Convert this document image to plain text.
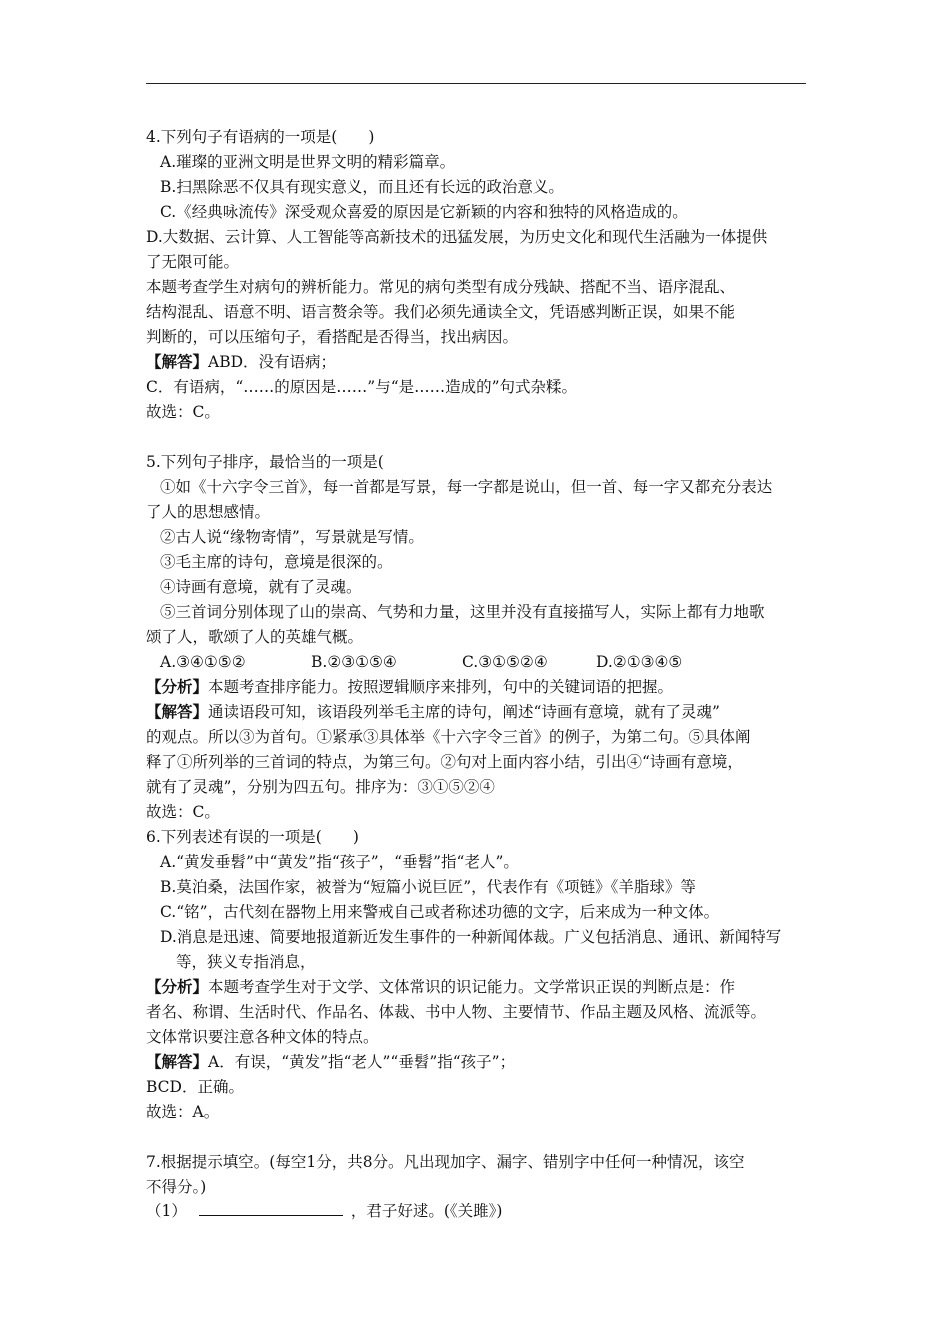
4.下列句子有语病的一项是(　　)
A.璀璨的亚洲文明是世界文明的精彩篇章。
B.扫黑除恶不仅具有现实意义，而且还有长远的政治意义。
C.《经典咏流传》深受观众喜爱的原因是它新颖的内容和独特的风格造成的。
D.大数据、云计算、人工智能等高新技术的迅猛发展，为历史文化和现代生活融为一体提供
了无限可能。
本题考查学生对病句的辨析能力。常见的病句类型有成分残缺、搭配不当、语序混乱、
结构混乱、语意不明、语言赘余等。我们必须先通读全文，凭语感判断正误，如果不能
判断的，可以压缩句子，看搭配是否得当，找出病因。
【解答】ABD．没有语病；
C．有语病，“……的原因是……”与“是……造成的”句式杂糅。
故选：C。
5.下列句子排序，最恰当的一项是(
①如《十六字令三首》，每一首都是写景，每一字都是说山，但一首、每一字又都充分表达
了人的思想感情。
②古人说“缘物寄情”，写景就是写情。
③毛主席的诗句，意境是很深的。
④诗画有意境，就有了灵魂。
⑤三首词分别体现了山的崇高、气势和力量，这里并没有直接描写人，实际上都有力地歌
颂了人，歌颂了人的英雄气概。
A.③④①⑤②	B.②③①⑤④	C.③①⑤②④	D.②①③④⑤
【分析】本题考查排序能力。按照逻辑顺序来排列，句中的关键词语的把握。
【解答】通读语段可知，该语段列举毛主席的诗句，阐述“诗画有意境，就有了灵魂”
的观点。所以③为首句。①紧承③具体举《十六字令三首》的例子，为第二句。⑤具体阐
释了①所列举的三首词的特点，为第三句。②句对上面内容小结，引出④“诗画有意境，
就有了灵魂”，分别为四五句。排序为：③①⑤②④
故选：C。
6.下列表述有误的一项是(　　)
A.“黄发垂髫”中“黄发”指“孩子”，“垂髫”指“老人”。
B.莫泊桑，法国作家，被誉为“短篇小说巨匠”，代表作有《项链》《羊脂球》等
C.“铭”，古代刻在器物上用来警戒自己或者称述功德的文字，后来成为一种文体。
D.消息是迅速、简要地报道新近发生事件的一种新闻体裁。广义包括消息、通讯、新闻特写
等，狭义专指消息，
【分析】本题考查学生对于文学、文体常识的识记能力。文学常识正误的判断点是：作
者名、称谓、生活时代、作品名、体裁、书中人物、主要情节、作品主题及风格、流派等。
文体常识要注意各种文体的特点。
【解答】A．有误，“黄发”指“老人”“垂髫”指“孩子”；
BCD．正确。
故选：A。
7.根据提示填空。(每空1分，共8分。凡出现加字、漏字、错别字中任何一种情况，该空
不得分。)
（1）	，君子好逑。(《关雎》)
